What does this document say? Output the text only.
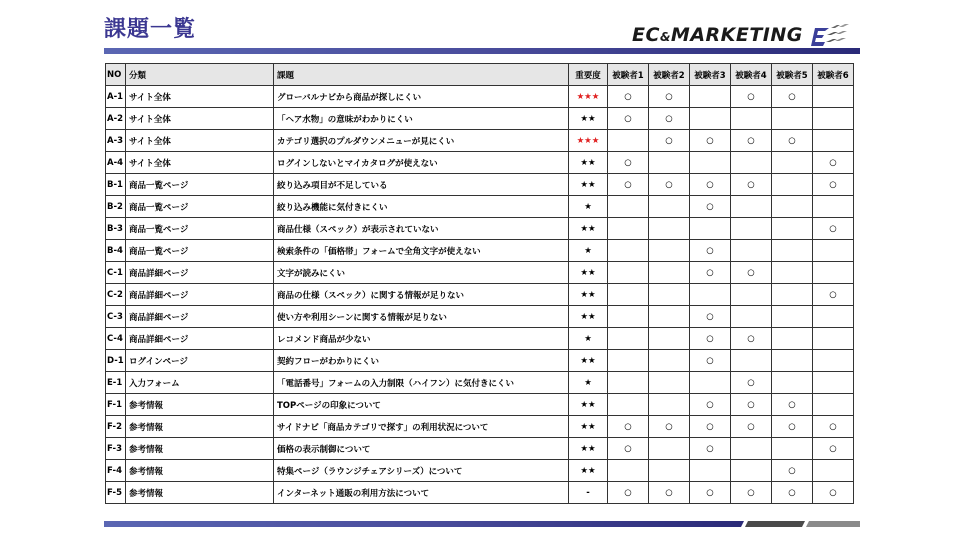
課題一覧	EC&MARKETING
NO	分類	課題	重要度	被験者1	被験者2	被験者3	被験者4	被験者5	被験者6
A-1	サイト全体	グローバルナビから商品が探しにくい	★★★	○	○		○	○	
A-2	サイト全体	「ヘア水物」の意味がわかりにくい	★★	○	○				
A-3	サイト全体	カテゴリ選択のプルダウンメニューが見にくい	★★★		○	○	○	○	
A-4	サイト全体	ログインしないとマイカタログが使えない	★★	○					○
B-1	商品一覧ページ	絞り込み項目が不足している	★★	○	○	○	○		○
B-2	商品一覧ページ	絞り込み機能に気付きにくい	★			○			
B-3	商品一覧ページ	商品仕様（スペック）が表示されていない	★★						○
B-4	商品一覧ページ	検索条件の「価格帯」フォームで全角文字が使えない	★			○			
C-1	商品詳細ページ	文字が読みにくい	★★			○	○		
C-2	商品詳細ページ	商品の仕様（スペック）に関する情報が足りない	★★						○
C-3	商品詳細ページ	使い方や利用シーンに関する情報が足りない	★★			○			
C-4	商品詳細ページ	レコメンド商品が少ない	★			○	○		
D-1	ログインページ	契約フローがわかりにくい	★★			○			
E-1	入力フォーム	「電話番号」フォームの入力制限（ハイフン）に気付きにくい	★				○		
F-1	参考情報	TOPページの印象について	★★			○	○	○	
F-2	参考情報	サイドナビ「商品カテゴリで探す」の利用状況について	★★	○	○	○	○	○	○
F-3	参考情報	価格の表示制御について	★★	○		○			○
F-4	参考情報	特集ページ（ラウンジチェアシリーズ）について	★★					○	
F-5	参考情報	インターネット通販の利用方法について	-	○	○	○	○	○	○
